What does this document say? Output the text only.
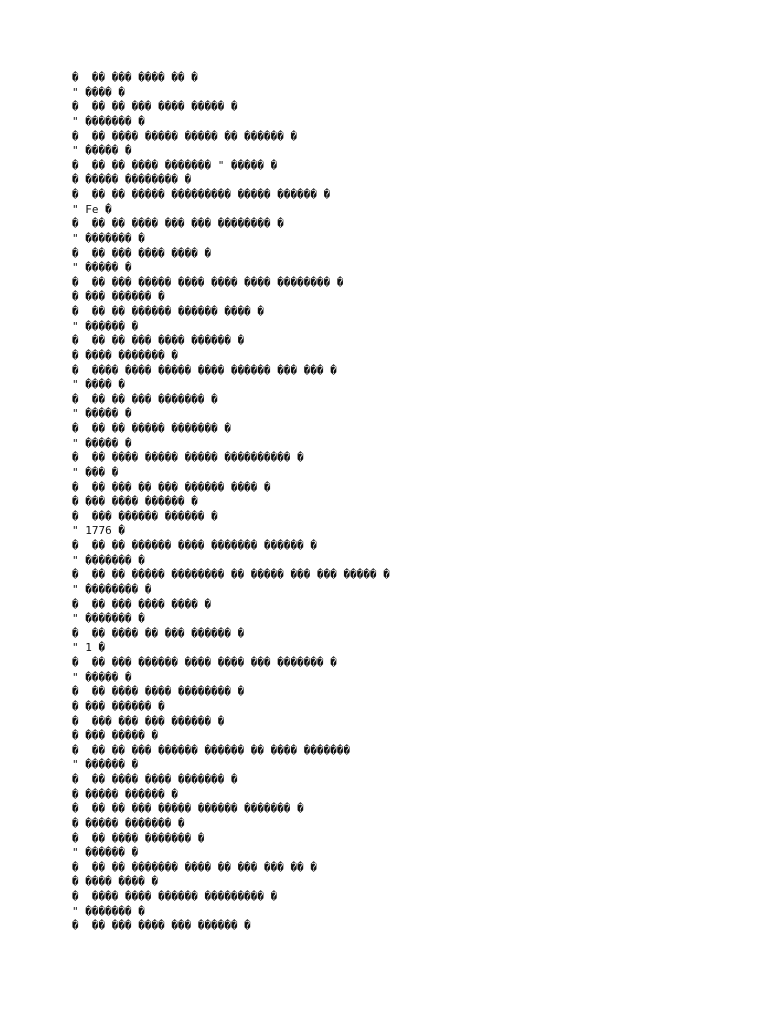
�  �� ��� ���� �� �
" ���� �
�  �� �� ��� ���� ����� �
" ������� �
�  �� ���� ����� ����� �� ������ �
" ����� �
�  �� �� ���� ������� " ����� �
� ����� �������� �
�  �� �� ����� ��������� ����� ������ �
" Fe �
�  �� �� ���� ��� ��� �������� �
" ������� �
�  �� ��� ���� ���� �
" ����� �
�  �� ��� ����� ���� ���� ���� �������� �
� ��� ������ �
�  �� �� ������ ������ ���� �
" ������ �
�  �� �� ��� ���� ������ �
� ���� ������� �
�  ���� ���� ����� ���� ������ ��� ��� �
" ���� �
�  �� �� ��� ������� �
" ����� �
�  �� �� ����� ������� �
" ����� �
�  �� ���� ����� ����� ���������� �
" ��� �
�  �� ��� �� ��� ������ ���� �
� ��� ���� ������ �
�  ��� ������ ������ �
" 1776 �
�  �� �� ������ ���� ������� ������ �
" ������� �
�  �� �� ����� �������� �� ����� ��� ��� ����� �
" �������� �
�  �� ��� ���� ���� �
" ������� �
�  �� ���� �� ��� ������ �
" 1 �
�  �� ��� ������ ���� ���� ��� ������� �
" ����� �
�  �� ���� ���� �������� �
� ��� ������ �
�  ��� ��� ��� ������ �
� ��� ����� �
�  �� �� ��� ������ ������ �� ���� �������
" ������ �
�  �� ���� ���� ������� �
� ����� ������ �
�  �� �� ��� ����� ������ ������� �
� ����� ������� �
�  �� ���� ������� �
" ������ �
�  �� �� ������� ���� �� ��� ��� �� �
� ���� ���� �
�  ���� ���� ������ ��������� �
" ������� �
�  �� ��� ���� ��� ������ �
